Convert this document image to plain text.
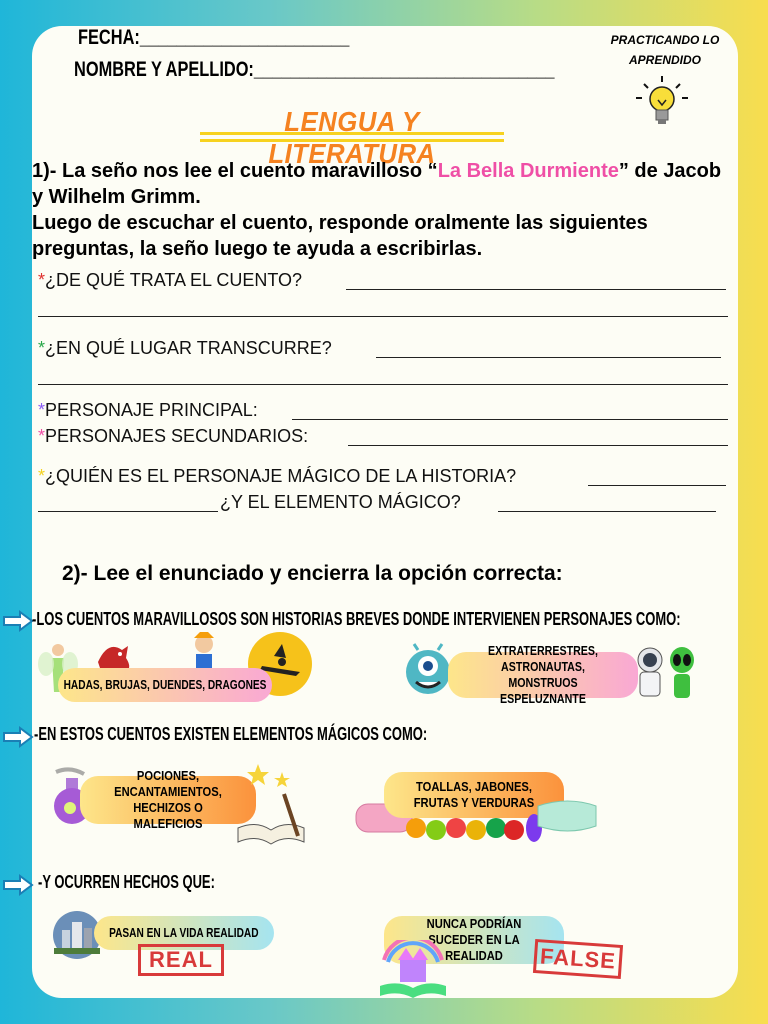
FECHA:_______________________
NOMBRE Y APELLIDO:_________________________________
PRACTICANDO LO APRENDIDO
LENGUA Y LITERATURA
1)- La seño nos lee el cuento maravilloso “La Bella Durmiente” de Jacob y Wilhelm Grimm.
Luego de escuchar el cuento, responde oralmente las siguientes preguntas, la seño luego te ayuda a escribirlas.
*¿DE QUÉ TRATA EL CUENTO?
*¿EN QUÉ LUGAR TRANSCURRE?
*PERSONAJE PRINCIPAL:
*PERSONAJES SECUNDARIOS:
*¿QUIÉN ES EL PERSONAJE MÁGICO DE LA HISTORIA?
¿Y EL ELEMENTO MÁGICO?
2)- Lee el enunciado y encierra la opción correcta:
-LOS CUENTOS MARAVILLOSOS SON HISTORIAS BREVES DONDE INTERVIENEN PERSONAJES COMO:
HADAS, BRUJAS, DUENDES, DRAGONES
EXTRATERRESTRES, ASTRONAUTAS, MONSTRUOS ESPELUZNANTE
-EN ESTOS CUENTOS EXISTEN ELEMENTOS MÁGICOS COMO:
POCIONES, ENCANTAMIENTOS, HECHIZOS O MALEFICIOS
TOALLAS, JABONES, FRUTAS Y VERDURAS
-Y OCURREN HECHOS QUE:
PASAN EN LA VIDA REALIDAD
REAL
NUNCA PODRÍAN SUCEDER EN LA REALIDAD	FALSE
